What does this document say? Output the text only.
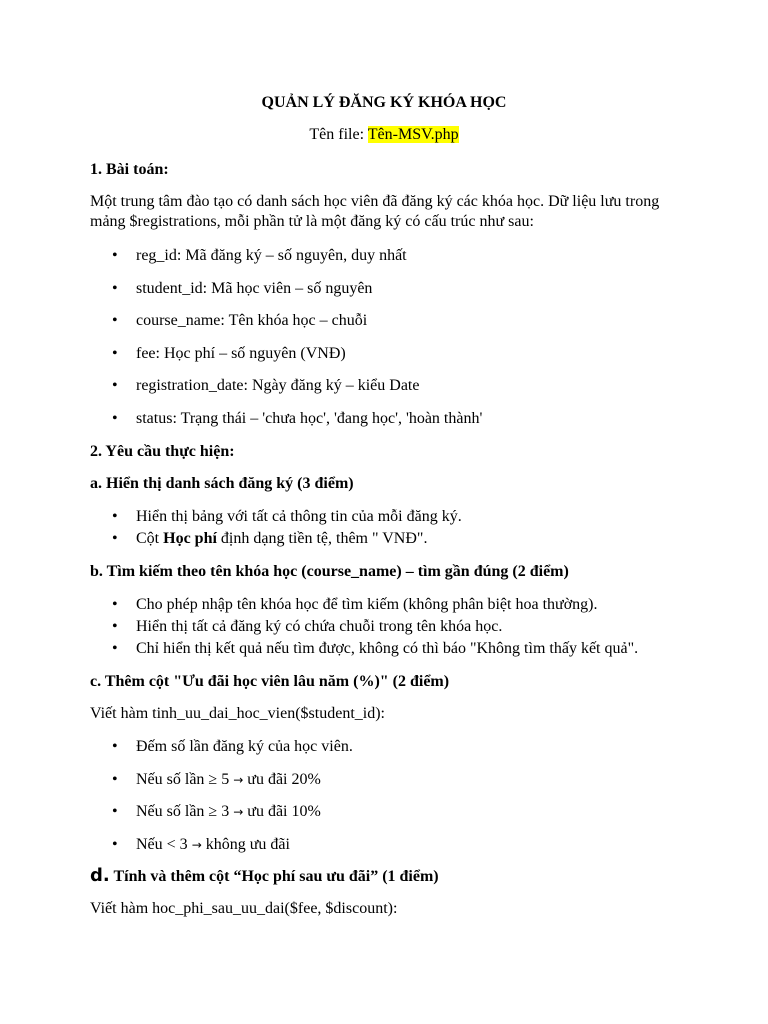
QUẢN LÝ ĐĂNG KÝ KHÓA HỌC
Tên file: Tên-MSV.php
1. Bài toán:
Một trung tâm đào tạo có danh sách học viên đã đăng ký các khóa học. Dữ liệu lưu trong
mảng $registrations, mỗi phần tử là một đăng ký có cấu trúc như sau:
• reg_id: Mã đăng ký – số nguyên, duy nhất
• student_id: Mã học viên – số nguyên
• course_name: Tên khóa học – chuỗi
• fee: Học phí – số nguyên (VNĐ)
• registration_date: Ngày đăng ký – kiểu Date
• status: Trạng thái – 'chưa học', 'đang học', 'hoàn thành'
2. Yêu cầu thực hiện:
a. Hiển thị danh sách đăng ký (3 điểm)
• Hiển thị bảng với tất cả thông tin của mỗi đăng ký.
• Cột Học phí định dạng tiền tệ, thêm " VNĐ".
b. Tìm kiếm theo tên khóa học (course_name) – tìm gần đúng (2 điểm)
• Cho phép nhập tên khóa học để tìm kiếm (không phân biệt hoa thường).
• Hiển thị tất cả đăng ký có chứa chuỗi trong tên khóa học.
• Chỉ hiển thị kết quả nếu tìm được, không có thì báo "Không tìm thấy kết quả".
c. Thêm cột "Ưu đãi học viên lâu năm (%)" (2 điểm)
Viết hàm tinh_uu_dai_hoc_vien($student_id):
• Đếm số lần đăng ký của học viên.
• Nếu số lần ≥ 5 → ưu đãi 20%
• Nếu số lần ≥ 3 → ưu đãi 10%
• Nếu < 3 → không ưu đãi
d. Tính và thêm cột “Học phí sau ưu đãi” (1 điểm)
Viết hàm hoc_phi_sau_uu_dai($fee, $discount):
